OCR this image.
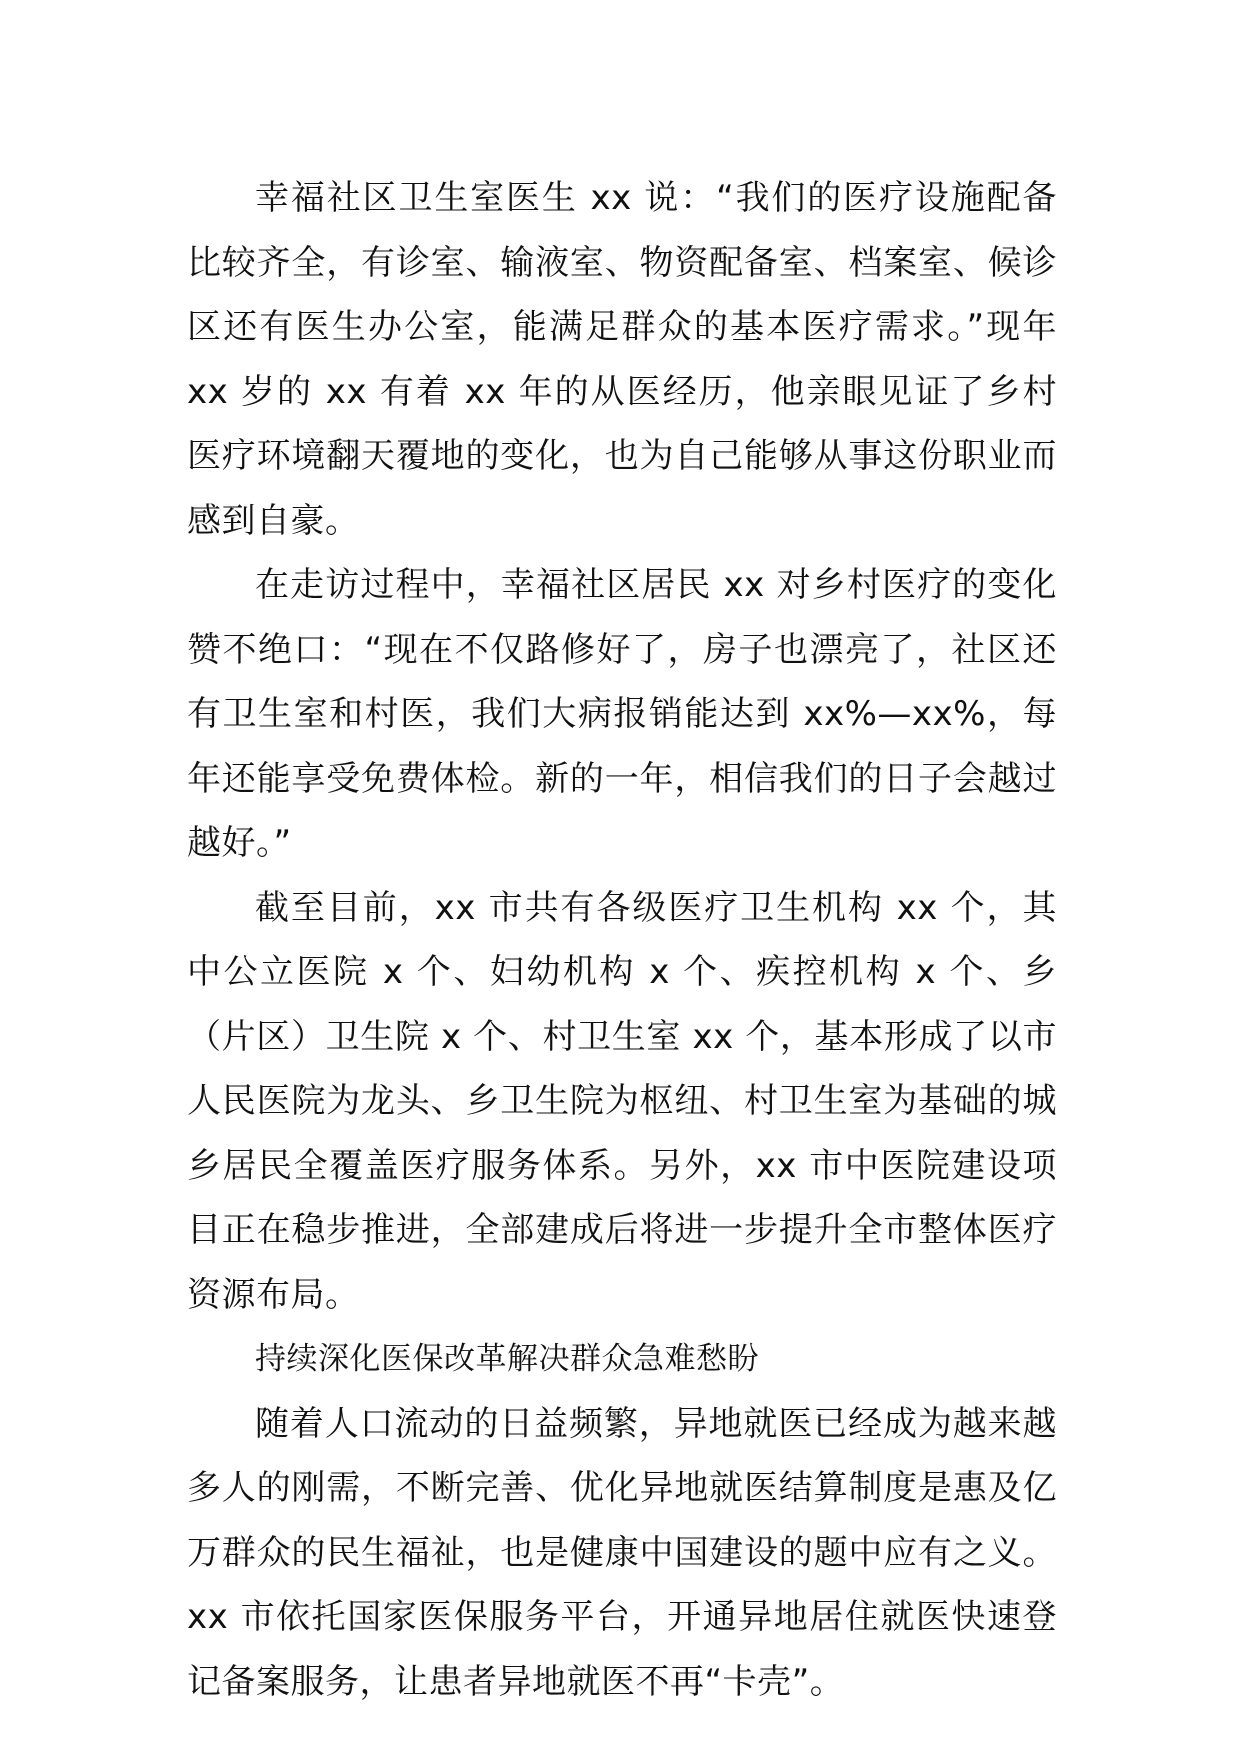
幸福社区卫生室医生 xx 说：“我们的医疗设施配备比较齐全，有诊室、输液室、物资配备室、档案室、候诊区还有医生办公室，能满足群众的基本医疗需求。”现年 xx 岁的 xx 有着 xx 年的从医经历，他亲眼见证了乡村医疗环境翻天覆地的变化，也为自己能够从事这份职业而感到自豪。

在走访过程中，幸福社区居民 xx 对乡村医疗的变化赞不绝口：“现在不仅路修好了，房子也漂亮了，社区还有卫生室和村医，我们大病报销能达到 xx%—xx%，每年还能享受免费体检。新的一年，相信我们的日子会越过越好。”

截至目前，xx 市共有各级医疗卫生机构 xx 个，其中公立医院 x 个、妇幼机构 x 个、疾控机构 x 个、乡（片区）卫生院 x 个、村卫生室 xx 个，基本形成了以市人民医院为龙头、乡卫生院为枢纽、村卫生室为基础的城乡居民全覆盖医疗服务体系。另外，xx 市中医院建设项目正在稳步推进，全部建成后将进一步提升全市整体医疗资源布局。

持续深化医保改革解决群众急难愁盼

随着人口流动的日益频繁，异地就医已经成为越来越多人的刚需，不断完善、优化异地就医结算制度是惠及亿万群众的民生福祉，也是健康中国建设的题中应有之义。xx 市依托国家医保服务平台，开通异地居住就医快速登记备案服务，让患者异地就医不再“卡壳”。
